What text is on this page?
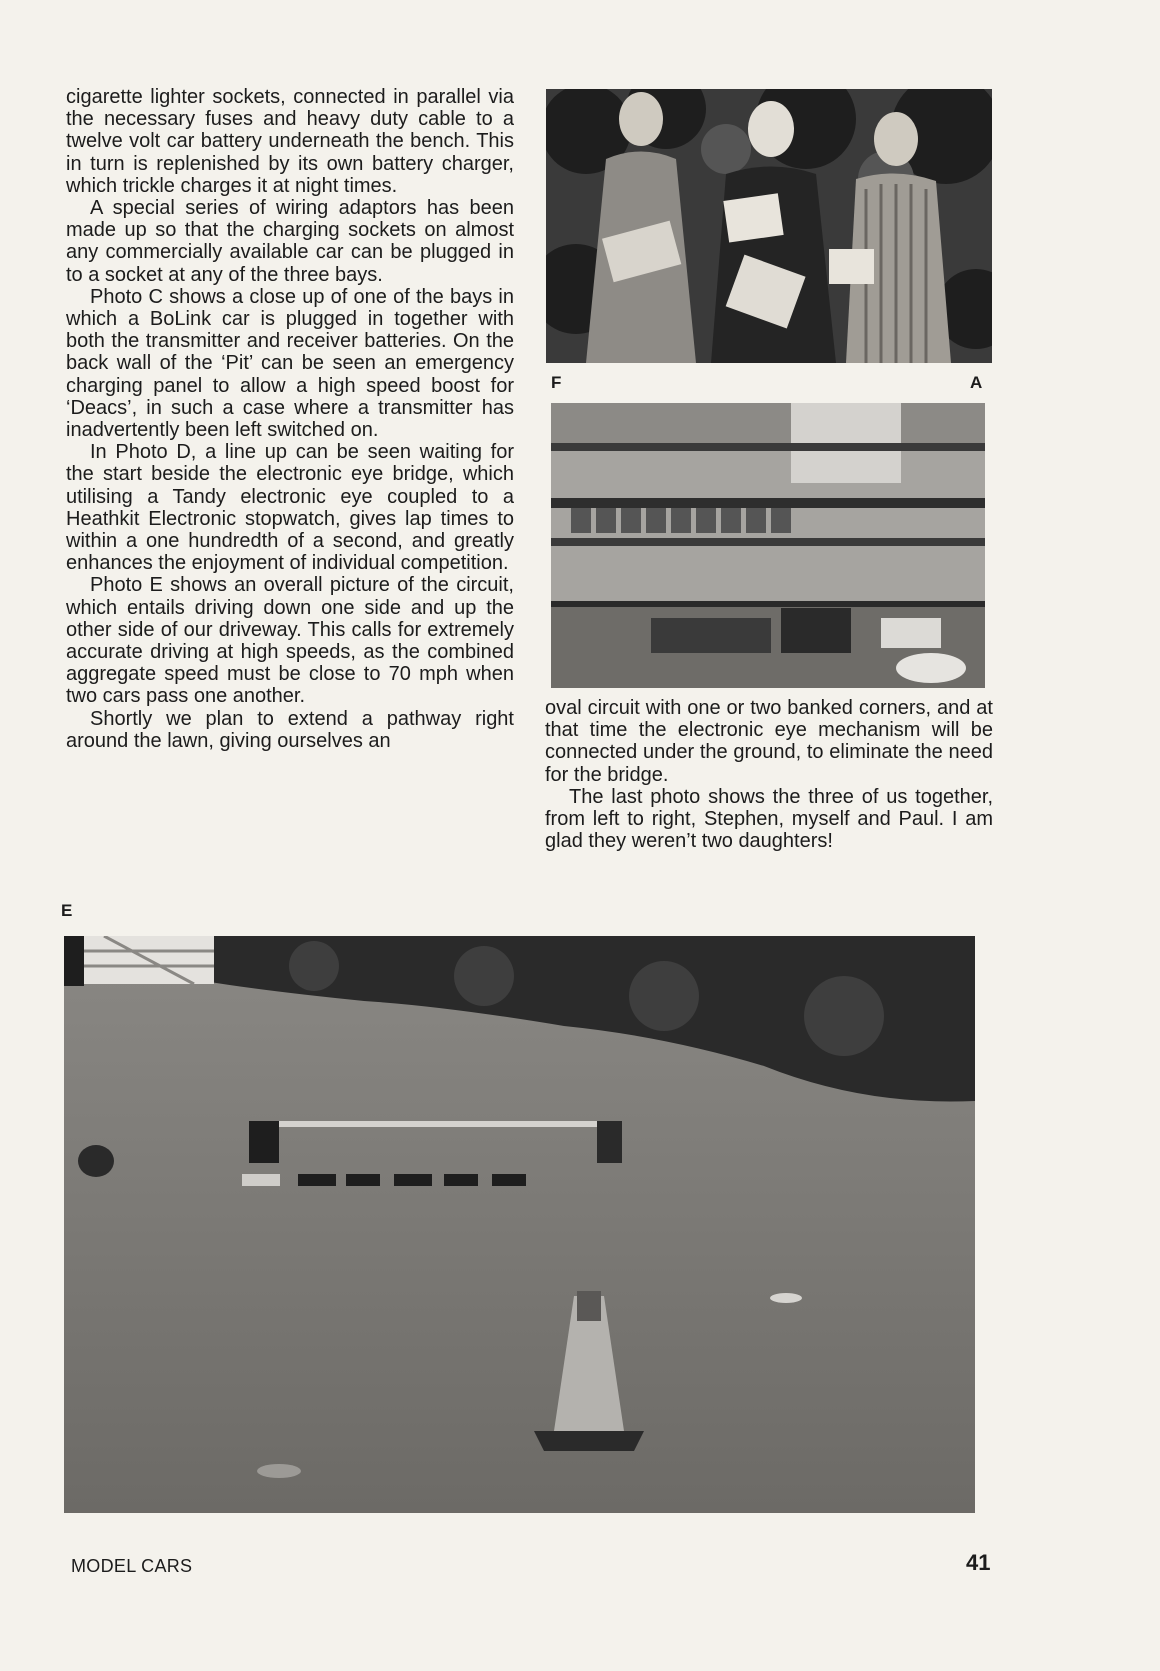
cigarette lighter sockets, connected in parallel via the necessary fuses and heavy duty cable to a twelve volt car battery underneath the bench. This in turn is replenished by its own battery charger, which trickle charges it at night times.

A special series of wiring adaptors has been made up so that the charging sockets on almost any commercially available car can be plugged in to a socket at any of the three bays.

Photo C shows a close up of one of the bays in which a BoLink car is plugged in together with both the transmitter and receiver batteries. On the back wall of the ‘Pit’ can be seen an emergency charging panel to allow a high speed boost for ‘Deacs’, in such a case where a transmitter has inadvertently been left switched on.

In Photo D, a line up can be seen waiting for the start beside the electronic eye bridge, which utilising a Tandy electronic eye coupled to a Heathkit Electronic stopwatch, gives lap times to within a one hundredth of a second, and greatly enhances the enjoyment of individual competition.

Photo E shows an overall picture of the circuit, which entails driving down one side and up the other side of our driveway. This calls for extremely accurate driving at high speeds, as the combined aggregate speed must be close to 70 mph when two cars pass one another.

Shortly we plan to extend a pathway right around the lawn, giving ourselves an

oval circuit with one or two banked corners, and at that time the electronic eye mechanism will be connected under the ground, to eliminate the need for the bridge.

The last photo shows the three of us together, from left to right, Stephen, myself and Paul. I am glad they weren’t two daughters!

F	A
E
MODEL CARS	41
